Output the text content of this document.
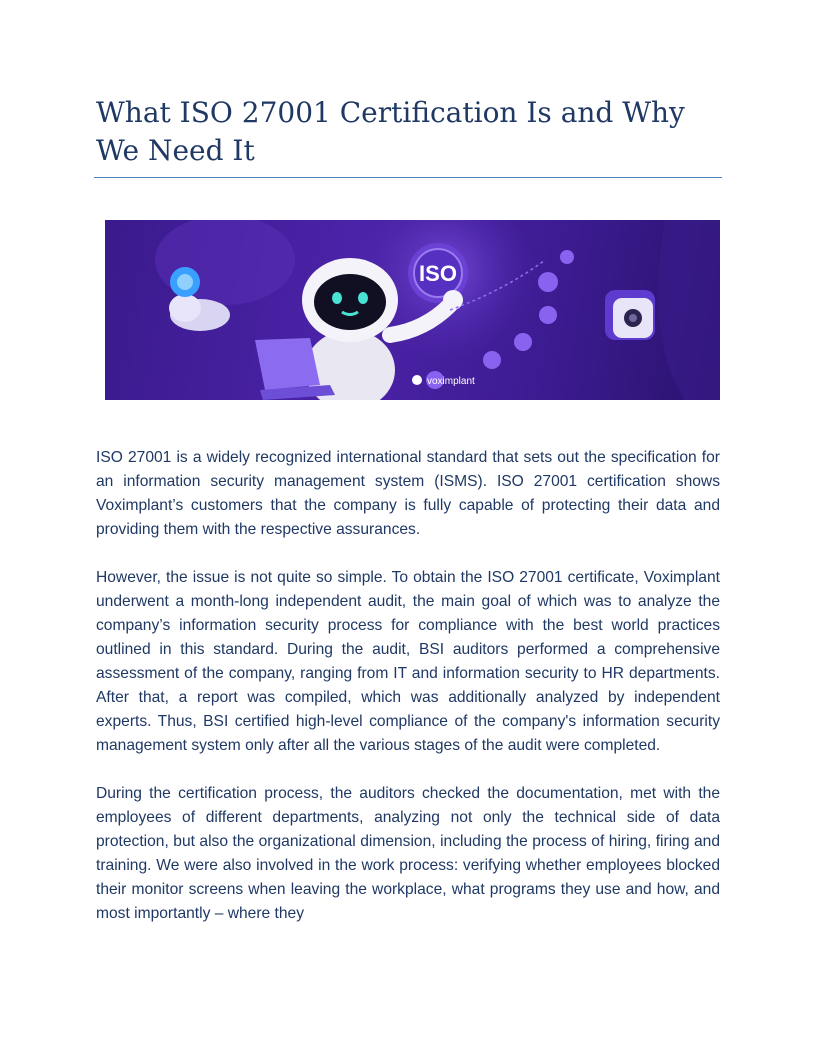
What ISO 27001 Certification Is and Why We Need It
ISO
voximplant

ISO 27001 is a widely recognized international standard that sets out the specification for an information security management system (ISMS). ISO 27001 certification shows Voximplant’s customers that the company is fully capable of protecting their data and providing them with the respective assurances.

However, the issue is not quite so simple. To obtain the ISO 27001 certificate, Voximplant underwent a month-long independent audit, the main goal of which was to analyze the company’s information security process for compliance with the best world practices outlined in this standard. During the audit, BSI auditors performed a comprehensive assessment of the company, ranging from IT and information security to HR departments. After that, a report was compiled, which was additionally analyzed by independent experts. Thus, BSI certified high-level compliance of the company's information security management system only after all the various stages of the audit were completed.

During the certification process, the auditors checked the documentation, met with the employees of different departments, analyzing not only the technical side of data protection, but also the organizational dimension, including the process of hiring, firing and training. We were also involved in the work process: verifying whether employees blocked their monitor screens when leaving the workplace, what programs they use and how, and most importantly – where they
